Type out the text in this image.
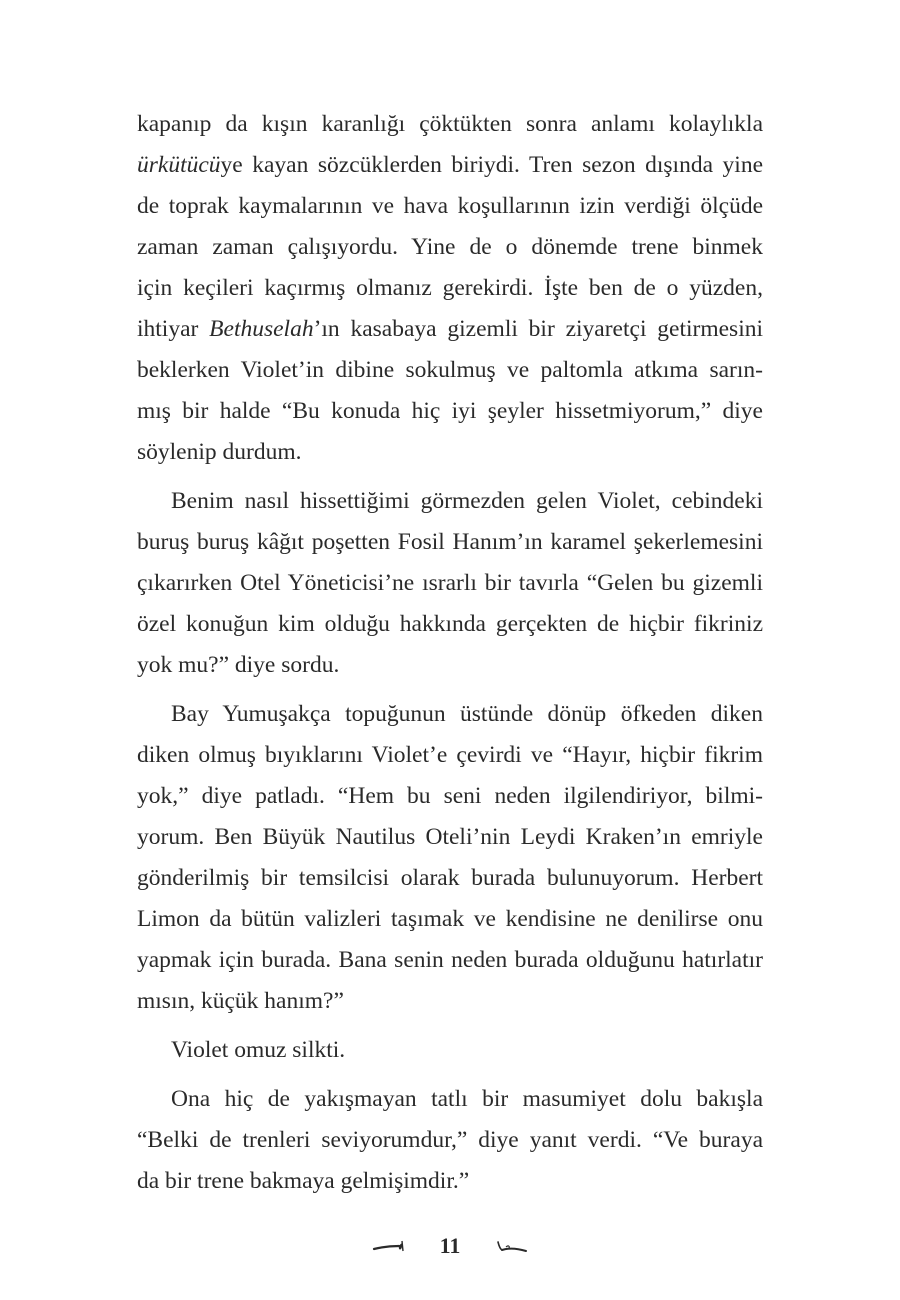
kapanıp da kışın karanlığı çöktükten sonra anlamı kolaylıkla
ürkütücüye kayan sözcüklerden biriydi. Tren sezon dışında yine
de toprak kaymalarının ve hava koşullarının izin verdiği ölçüde
zaman zaman çalışıyordu. Yine de o dönemde trene binmek
için keçileri kaçırmış olmanız gerekirdi. İşte ben de o yüzden,
ihtiyar Bethuselah’ın kasabaya gizemli bir ziyaretçi getirmesini
beklerken Violet’in dibine sokulmuş ve paltomla atkıma sarın-
mış bir halde “Bu konuda hiç iyi şeyler hissetmiyorum,” diye
söylenip durdum.
Benim nasıl hissettiğimi görmezden gelen Violet, cebindeki
buruş buruş kâğıt poşetten Fosil Hanım’ın karamel şekerlemesini
çıkarırken Otel Yöneticisi’ne ısrarlı bir tavırla “Gelen bu gizemli
özel konuğun kim olduğu hakkında gerçekten de hiçbir fikriniz
yok mu?” diye sordu.
Bay Yumuşakça topuğunun üstünde dönüp öfkeden diken
diken olmuş bıyıklarını Violet’e çevirdi ve “Hayır, hiçbir fikrim
yok,” diye patladı. “Hem bu seni neden ilgilendiriyor, bilmi-
yorum. Ben Büyük Nautilus Oteli’nin Leydi Kraken’ın emriyle
gönderilmiş bir temsilcisi olarak burada bulunuyorum. Herbert
Limon da bütün valizleri taşımak ve kendisine ne denilirse onu
yapmak için burada. Bana senin neden burada olduğunu hatırlatır
mısın, küçük hanım?”
Violet omuz silkti.
Ona hiç de yakışmayan tatlı bir masumiyet dolu bakışla
“Belki de trenleri seviyorumdur,” diye yanıt verdi. “Ve buraya
da bir trene bakmaya gelmişimdir.”
11
